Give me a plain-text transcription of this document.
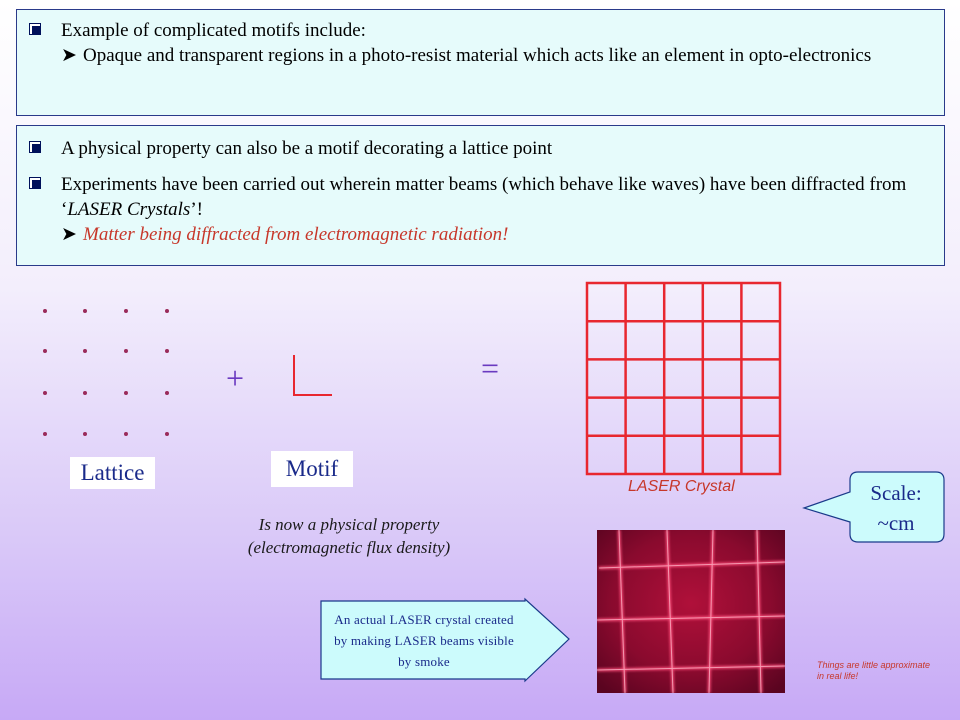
Example of complicated motifs include:
➤ Opaque and transparent regions in a photo-resist material which acts like an element in opto-electronics
A physical property can also be a motif decorating a lattice point
Experiments have been carried out wherein matter beams (which behave like waves) have been diffracted from ‘LASER Crystals’!
➤ Matter being diffracted from electromagnetic radiation!
Lattice
+
Motif
=
LASER Crystal
Is now a physical property
(electromagnetic flux density)
Scale:
~cm
An actual LASER crystal created by making LASER beams visible by smoke	Things are little approximate in real life!
